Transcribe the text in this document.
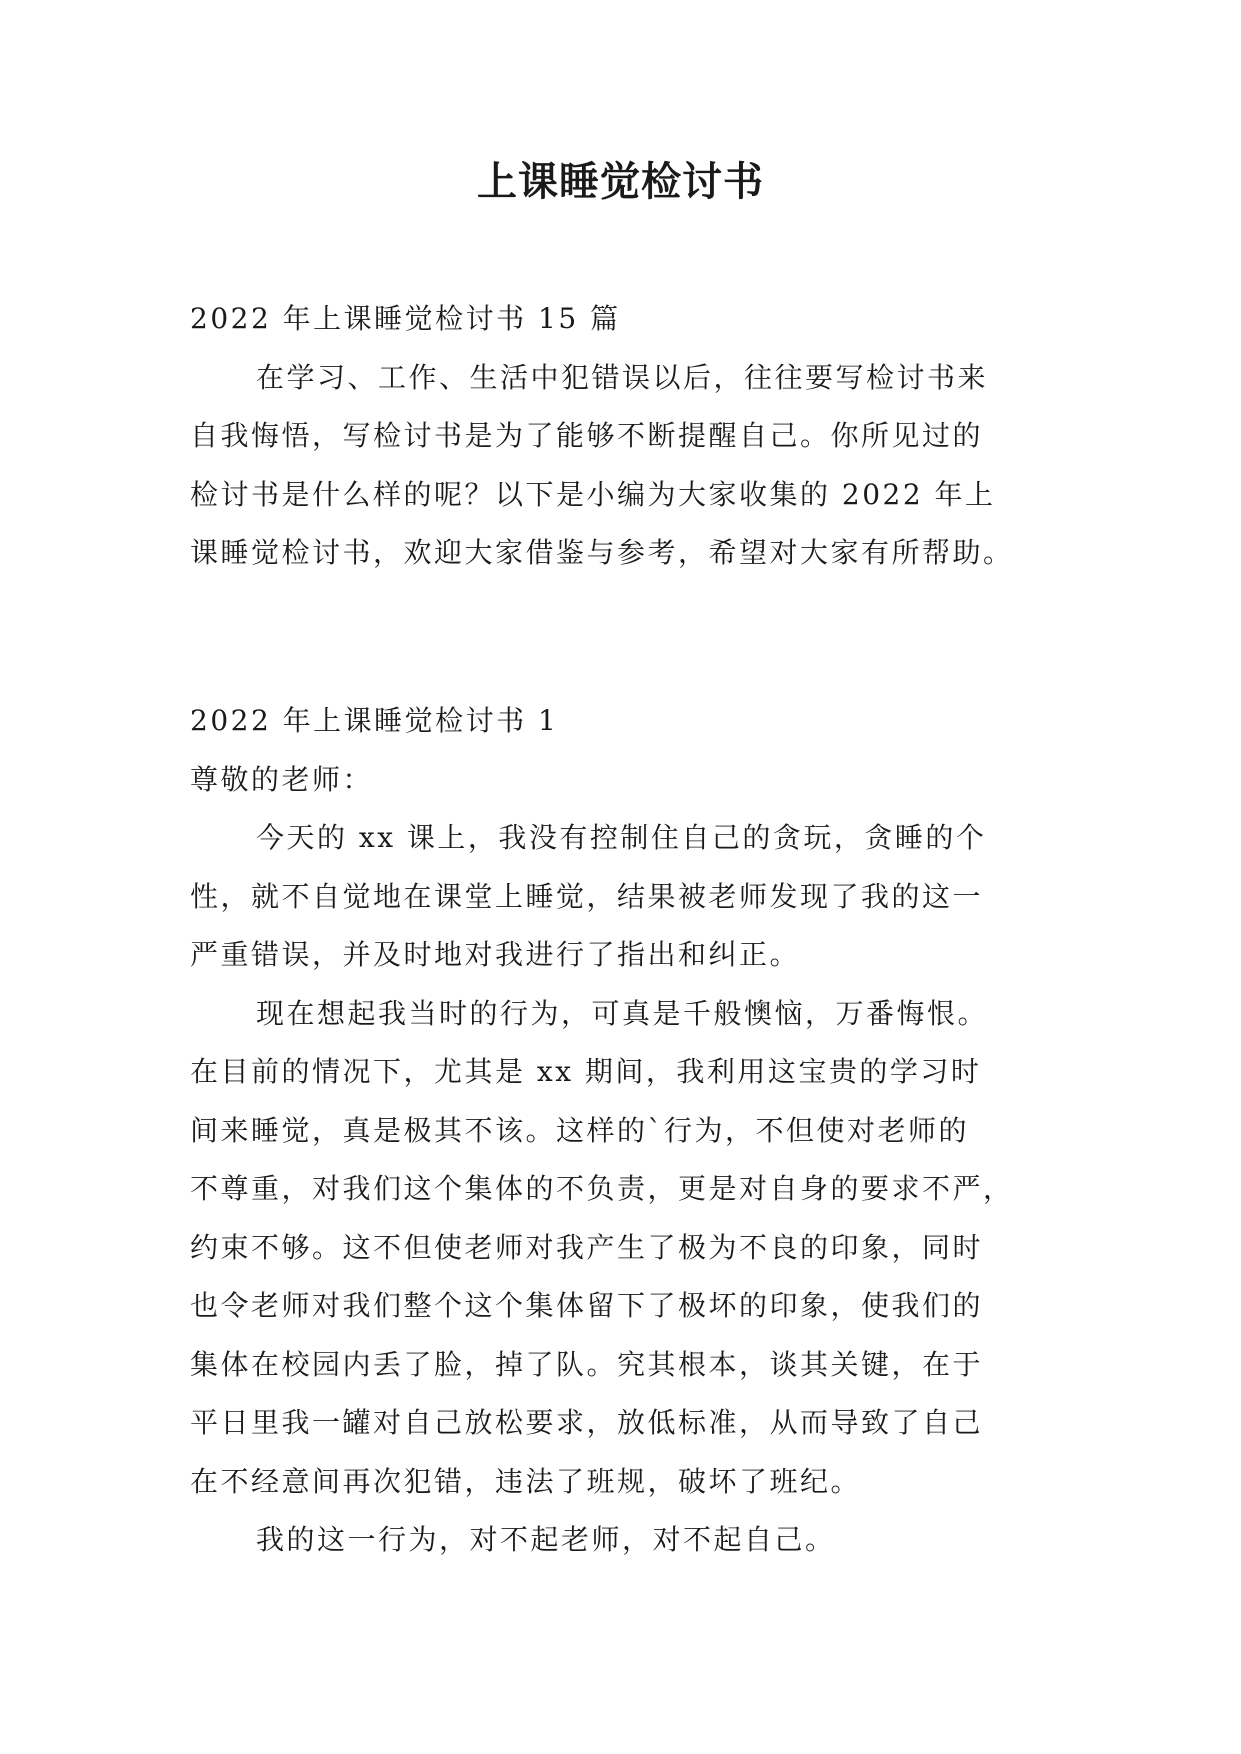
上课睡觉检讨书
2022 年上课睡觉检讨书 15 篇
在学习、工作、生活中犯错误以后，往往要写检讨书来
自我悔悟，写检讨书是为了能够不断提醒自己。你所见过的
检讨书是什么样的呢？以下是小编为大家收集的 2022 年上
课睡觉检讨书，欢迎大家借鉴与参考，希望对大家有所帮助。
2022 年上课睡觉检讨书 1
尊敬的老师：
今天的 xx 课上，我没有控制住自己的贪玩，贪睡的个
性，就不自觉地在课堂上睡觉，结果被老师发现了我的这一
严重错误，并及时地对我进行了指出和纠正。
现在想起我当时的行为，可真是千般懊恼，万番悔恨。
在目前的情况下，尤其是 xx 期间，我利用这宝贵的学习时
间来睡觉，真是极其不该。这样的`行为，不但使对老师的
不尊重，对我们这个集体的不负责，更是对自身的要求不严，
约束不够。这不但使老师对我产生了极为不良的印象，同时
也令老师对我们整个这个集体留下了极坏的印象，使我们的
集体在校园内丢了脸，掉了队。究其根本，谈其关键，在于
平日里我一罐对自己放松要求，放低标准，从而导致了自己
在不经意间再次犯错，违法了班规，破坏了班纪。
我的这一行为，对不起老师，对不起自己。
